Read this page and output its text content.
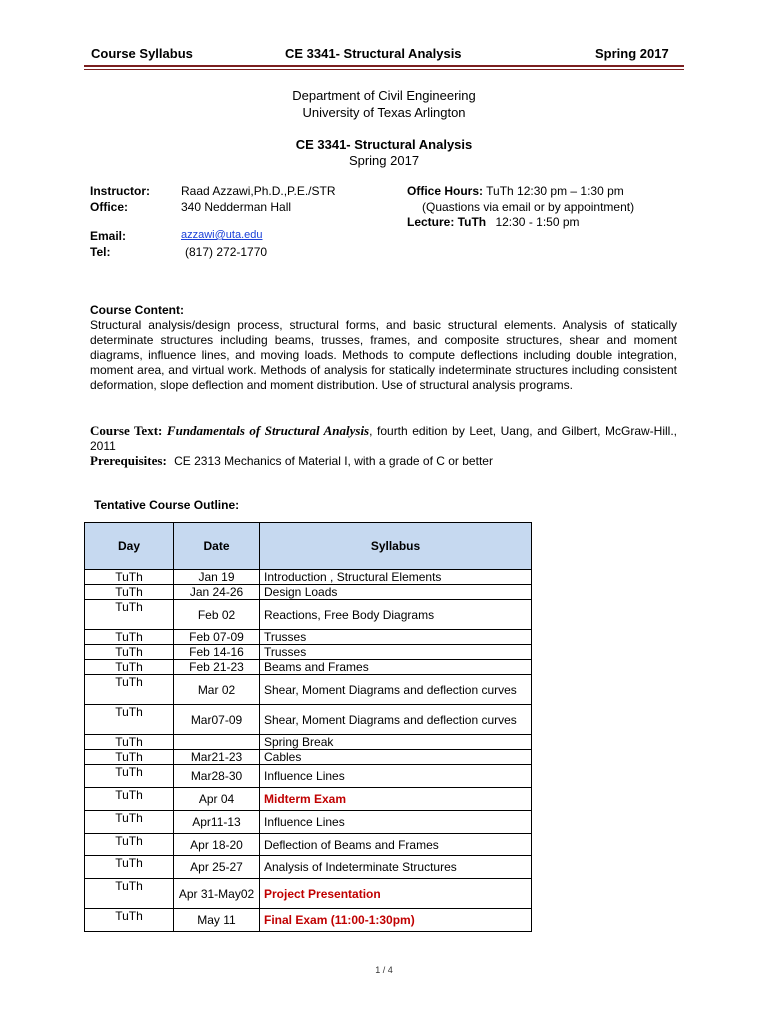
Course Syllabus	CE 3341- Structural Analysis	Spring 2017
Department of Civil Engineering
University of Texas Arlington
CE 3341- Structural Analysis
Spring 2017
Instructor:	Raad Azzawi,Ph.D.,P.E./STR
Office:	340 Nedderman Hall
Email:	azzawi@uta.edu
Tel:	(817) 272-1770
Office Hours: TuTh 12:30 pm – 1:30 pm
(Quastions via email or by appointment)
Lecture: TuTh 12:30 - 1:50 pm
Course Content:
Structural analysis/design process, structural forms, and basic structural elements. Analysis of statically determinate structures including beams, trusses, frames, and composite structures, shear and moment diagrams, influence lines, and moving loads. Methods to compute deflections including double integration, moment area, and virtual work. Methods of analysis for statically indeterminate structures including consistent deformation, slope deflection and moment distribution. Use of structural analysis programs.
Course Text: Fundamentals of Structural Analysis, fourth edition by Leet, Uang, and Gilbert, McGraw-Hill., 2011
Prerequisites: CE 2313 Mechanics of Material I, with a grade of C or better
Tentative Course Outline:
Day	Date	Syllabus
TuTh	Jan 19	Introduction , Structural Elements
TuTh	Jan 24-26	Design Loads
TuTh	Feb 02	Reactions, Free Body Diagrams
TuTh	Feb 07-09	Trusses
TuTh	Feb 14-16	Trusses
TuTh	Feb 21-23	Beams and Frames
TuTh	Mar 02	Shear, Moment Diagrams and deflection curves
TuTh	Mar07-09	Shear, Moment Diagrams and deflection curves
TuTh		Spring Break
TuTh	Mar21-23	Cables
TuTh	Mar28-30	Influence Lines
TuTh	Apr 04	Midterm Exam
TuTh	Apr11-13	Influence Lines
TuTh	Apr 18-20	Deflection of Beams and Frames
TuTh	Apr 25-27	Analysis of Indeterminate Structures
TuTh	Apr 31-May02	Project Presentation
TuTh	May 11	Final Exam (11:00-1:30pm)
1 / 4
